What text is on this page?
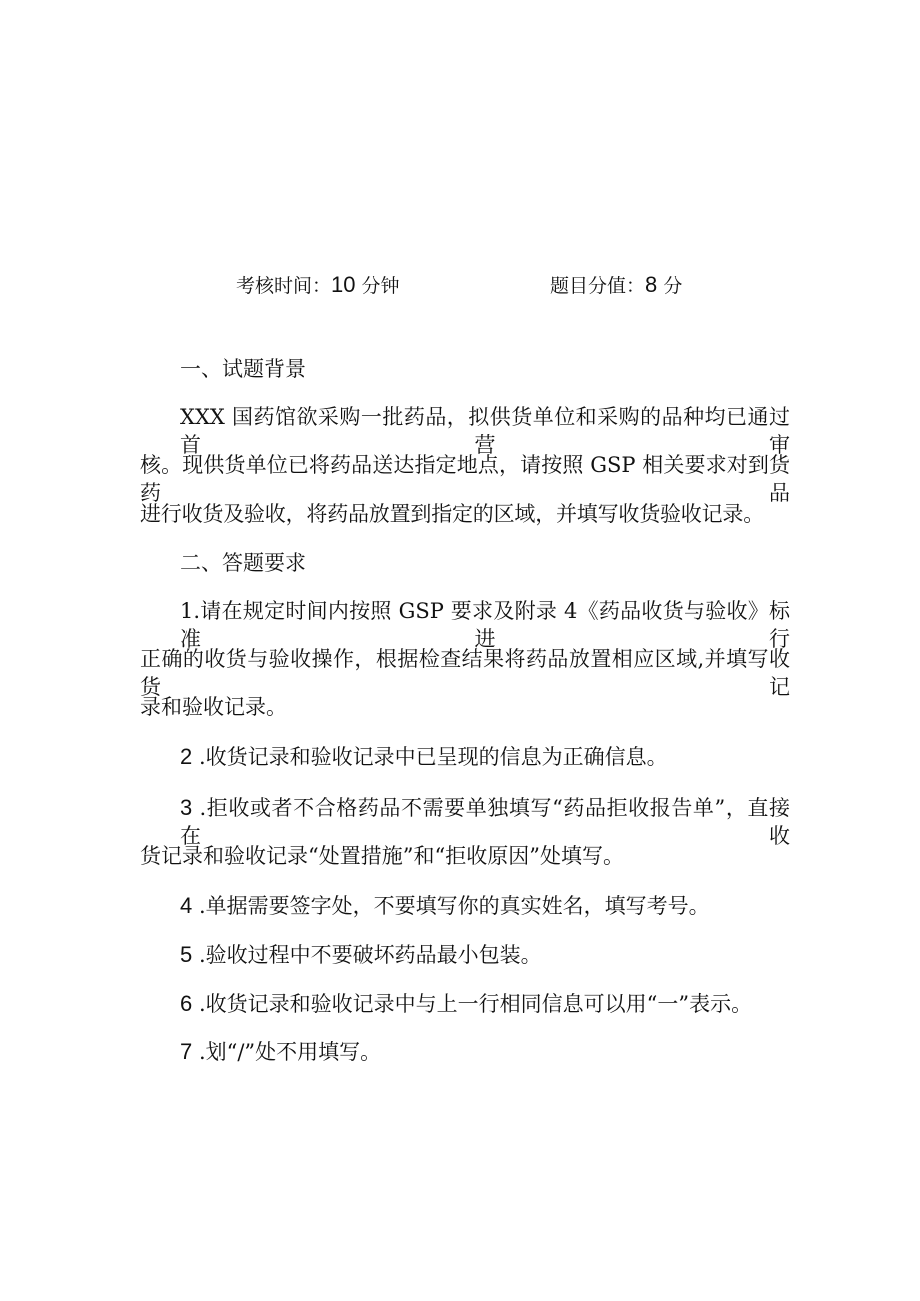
考核时间：10 分钟	题目分值：8 分
一、试题背景
XXX 国药馆欲采购一批药品，拟供货单位和采购的品种均已通过首营审
核。现供货单位已将药品送达指定地点，请按照 GSP 相关要求对到货药品
进行收货及验收，将药品放置到指定的区域，并填写收货验收记录。
二、答题要求
1.请在规定时间内按照 GSP 要求及附录 4《药品收货与验收》标准进行
正确的收货与验收操作，根据检查结果将药品放置相应区域,并填写收货记
录和验收记录。
2 .收货记录和验收记录中已呈现的信息为正确信息。
3 .拒收或者不合格药品不需要单独填写“药品拒收报告单”，直接在收
货记录和验收记录“处置措施”和“拒收原因”处填写。
4 .单据需要签字处，不要填写你的真实姓名，填写考号。
5 .验收过程中不要破坏药品最小包装。
6 .收货记录和验收记录中与上一行相同信息可以用“一”表示。
7 .划“/”处不用填写。
